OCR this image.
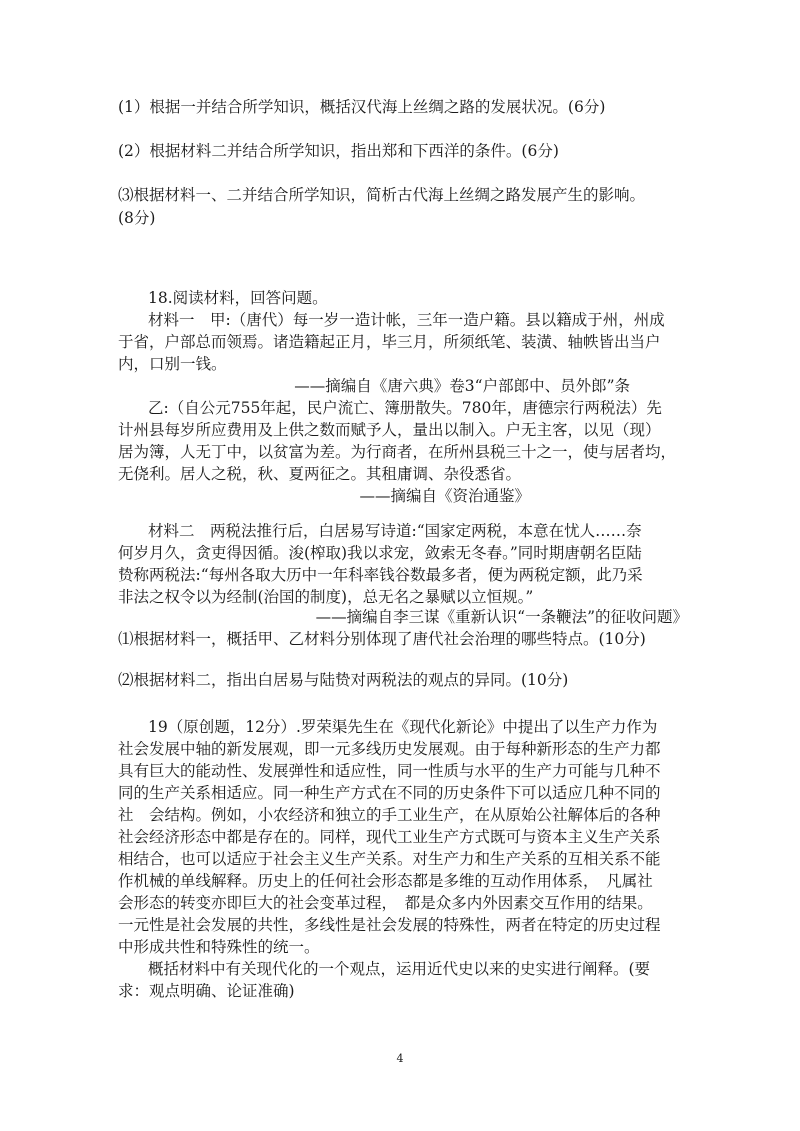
(1）根据一并结合所学知识，概括汉代海上丝绸之路的发展状况。(6分)
(2）根据材料二并结合所学知识，指出郑和下西洋的条件。(6分)
⑶根据材料一、二并结合所学知识，简析古代海上丝绸之路发展产生的影响。
(8分)
18.阅读材料，回答问题。
材料一　甲:（唐代）每一岁一造计帐，三年一造户籍。县以籍成于州，州成
于省，户部总而领焉。诸造籍起正月，毕三月，所须纸笔、装潢、轴帙皆出当户
内，口别一钱。
——摘编自《唐六典》卷3“户部郎中、员外郎”条
乙:（自公元755年起，民户流亡、簿册散失。780年，唐德宗行两税法）先
计州县每岁所应费用及上供之数而赋予人，量出以制入。户无主客，以见（现）
居为簿，人无丁中，以贫富为差。为行商者，在所州县税三十之一，使与居者均，
无侥利。居人之税，秋、夏两征之。其租庸调、杂役悉省。
——摘编自《资治通鉴》
材料二　两税法推行后，白居易写诗道:“国家定两税，本意在忧人……奈
何岁月久，贪吏得因循。浚(榨取)我以求宠，敛索无冬春。”同时期唐朝名臣陆
贽称两税法:“每州各取大历中一年科率钱谷数最多者，便为两税定额，此乃采
非法之权令以为经制(治国的制度)，总无名之暴赋以立恒规。”
——摘编自李三谋《重新认识“一条鞭法”的征收问题》
⑴根据材料一，概括甲、乙材料分别体现了唐代社会治理的哪些特点。(10分)
⑵根据材料二，指出白居易与陆贽对两税法的观点的异同。(10分)
19（原创题，12分）.罗荣渠先生在《现代化新论》中提出了以生产力作为
社会发展中轴的新发展观，即一元多线历史发展观。由于每种新形态的生产力都
具有巨大的能动性、发展弹性和适应性，同一性质与水平的生产力可能与几种不
同的生产关系相适应。同一种生产方式在不同的历史条件下可以适应几种不同的
社　会结构。例如，小农经济和独立的手工业生产，在从原始公社解体后的各种
社会经济形态中都是存在的。同样，现代工业生产方式既可与资本主义生产关系
相结合，也可以适应于社会主义生产关系。对生产力和生产关系的互相关系不能
作机械的单线解释。历史上的任何社会形态都是多维的互动作用体系，　凡属社
会形态的转变亦即巨大的社会变革过程，　都是众多内外因素交互作用的结果。
一元性是社会发展的共性，多线性是社会发展的特殊性，两者在特定的历史过程
中形成共性和特殊性的统一。
概括材料中有关现代化的一个观点，运用近代史以来的史实进行阐释。(要
求：观点明确、论证准确)
4
